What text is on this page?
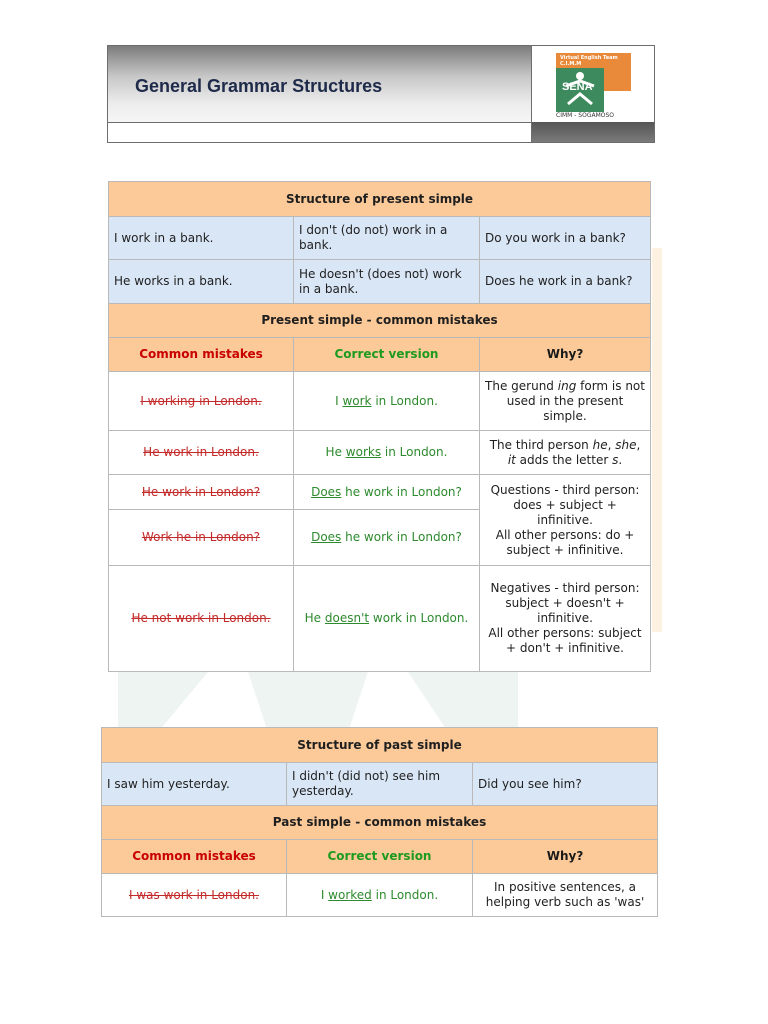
General Grammar Structures
Virtual English Team
C.I.M.M
SENA
CIMM - SOGAMOSO
Structure of present simple		
I work in a bank.	I don't (do not) work in a bank.	Do you work in a bank?
He works in a bank.	He doesn't (does not) work in a bank.	Does he work in a bank?
Present simple - common mistakes		
Common mistakes	Correct version	Why?
I working in London.	I work in London.	The gerund ing form is not used in the present simple.
He work in London.	He works in London.	The third person he, she, it adds the letter s.
He work in London?	Does he work in London?	Questions - third person: does + subject + infinitive.
All other persons: do + subject + infinitive.
Work he in London?	Does he work in London?	
He not work in London.	He doesn't work in London.	Negatives - third person: subject + doesn't + infinitive.
All other persons: subject + don't + infinitive.
Structure of past simple		
I saw him yesterday.	I didn't (did not) see him yesterday.	Did you see him?
Past simple - common mistakes		
Common mistakes	Correct version	Why?
I was work in London.	I worked in London.	In positive sentences, a helping verb such as 'was'
